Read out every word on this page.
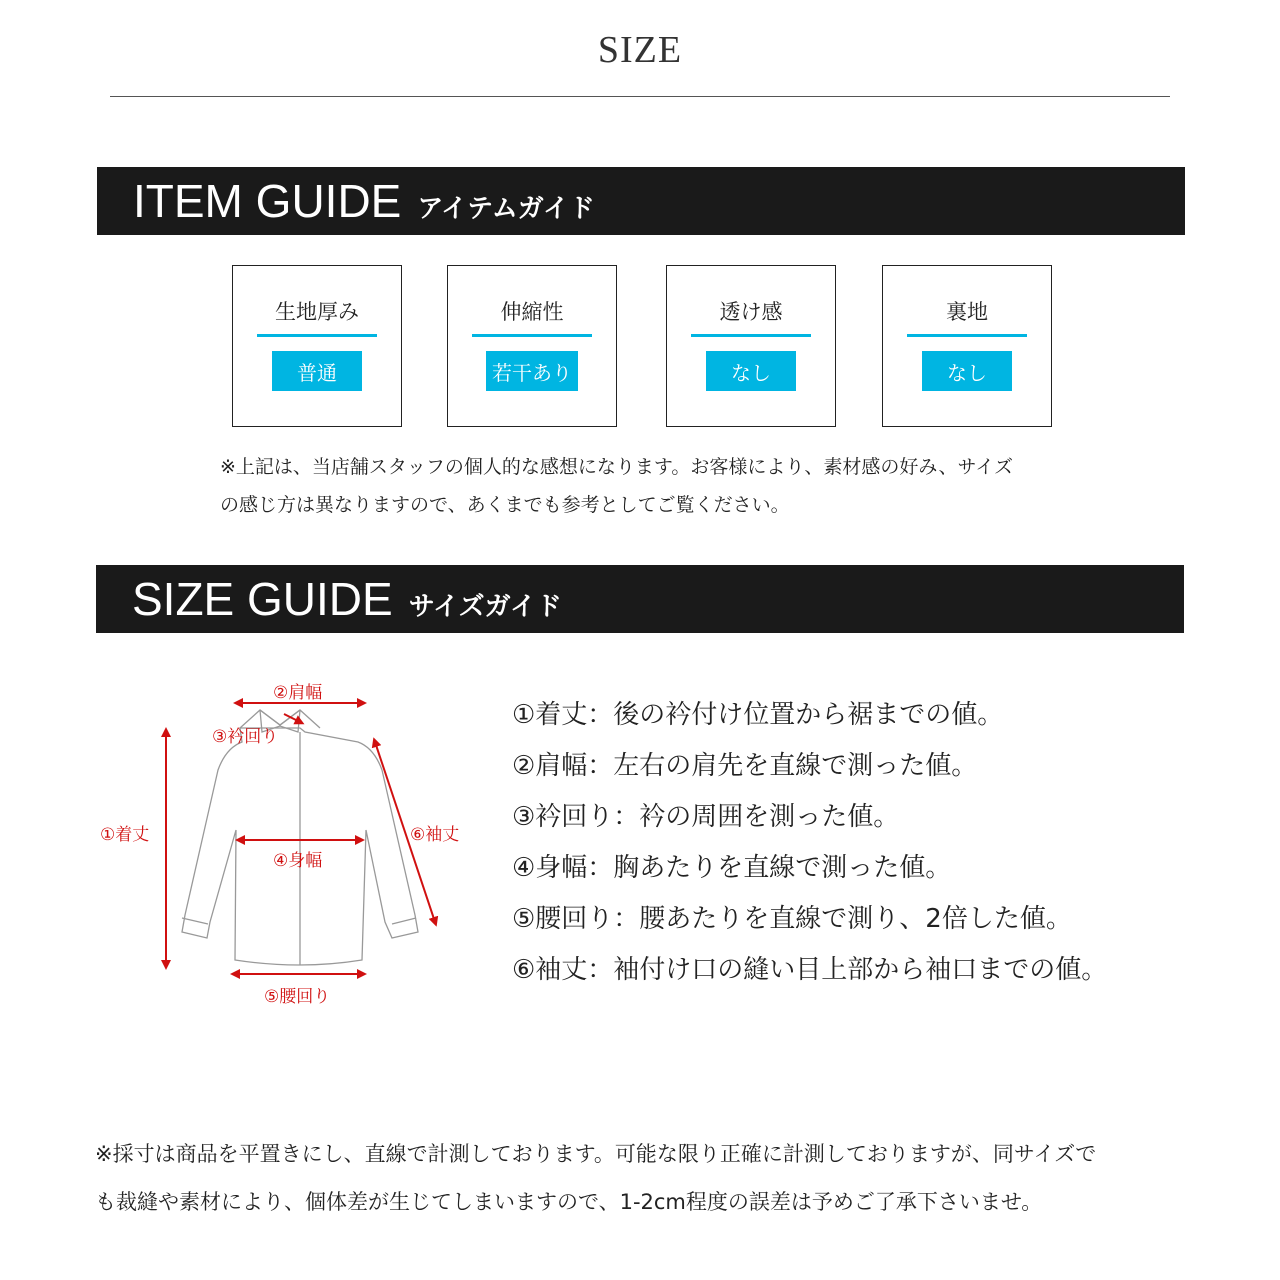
SIZE
ITEM GUIDE アイテムガイド
生地厚み
普通
伸縮性
若干あり
透け感
なし
裏地
なし

※上記は、当店舗スタッフの個人的な感想になります。お客様により、素材感の好み、サイズ

の感じ方は異なりますので、あくまでも参考としてご覧ください。

SIZE GUIDE サイズガイド
②肩幅
③衿回り
①着丈
④身幅
⑥袖丈
⑤腰回り
①着丈：後の衿付け位置から裾までの値。
②肩幅：左右の肩先を直線で測った値。
③衿回り：衿の周囲を測った値。
④身幅：胸あたりを直線で測った値。
⑤腰回り：腰あたりを直線で測り、2倍した値。
⑥袖丈：袖付け口の縫い目上部から袖口までの値。

※採寸は商品を平置きにし、直線で計測しております。可能な限り正確に計測しておりますが、同サイズで

も裁縫や素材により、個体差が生じてしまいますので、1-2cm程度の誤差は予めご了承下さいませ。
